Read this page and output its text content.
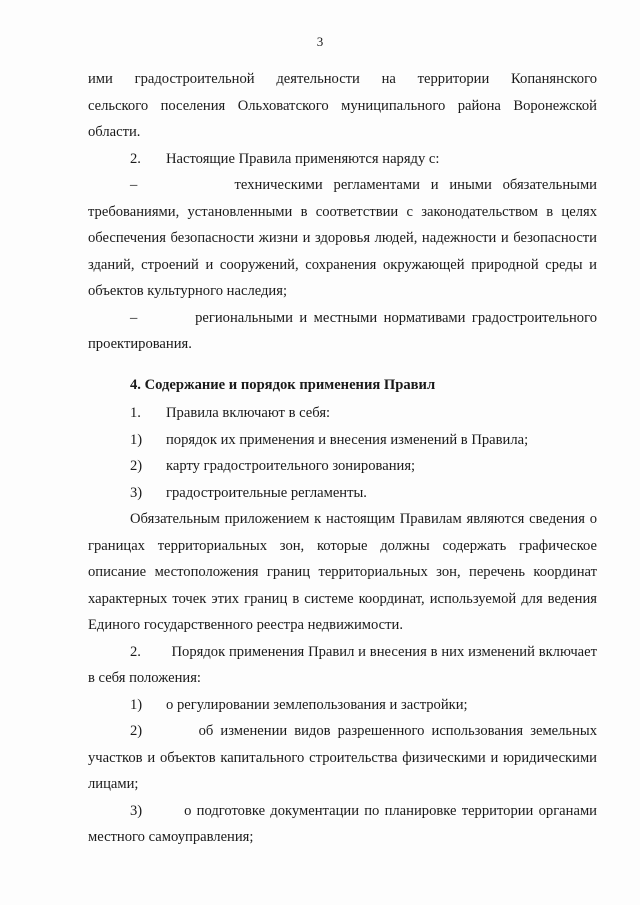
3

ими градостроительной деятельности на территории Копанянского

сельского поселения Ольховатского муниципального района Воронежской области.

2.	Настоящие Правила применяются наряду с:

–	техническими регламентами и иными обязательными требованиями, установленными в соответствии с законодательством в целях обеспечения безопасности жизни и здоровья людей, надежности и безопасности зданий, строений и сооружений, сохранения окружающей природной среды и объектов культурного наследия;

–	региональными и местными нормативами градостроительного проектирования.

4. Содержание и порядок применения Правил

1.	Правила включают в себя:
1)	порядок их применения и внесения изменений в Правила;
2)	карту градостроительного зонирования;
3)	градостроительные регламенты.

Обязательным приложением к настоящим Правилам являются сведения о границах территориальных зон, которые должны содержать графическое описание местоположения границ территориальных зон, перечень координат характерных точек этих границ в системе координат, используемой для ведения Единого государственного реестра недвижимости.

2. Порядок применения Правил и внесения в них изменений включает в себя положения:

1)	о регулировании землепользования и застройки;

2)	об изменении видов разрешенного использования земельных участков и объектов капитального строительства физическими и юридическими лицами;

3)	о подготовке документации по планировке территории органами местного самоуправления;
